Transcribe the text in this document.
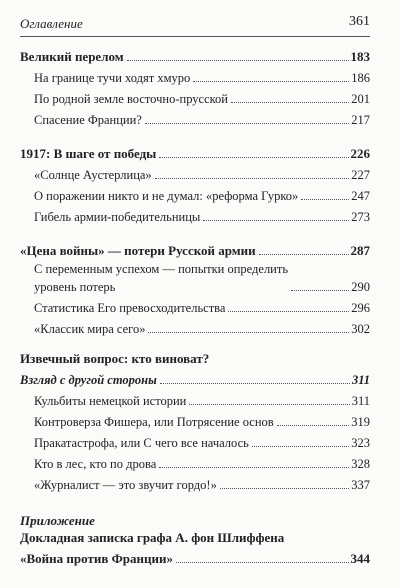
Оглавление	361
Великий перелом	183
На границе тучи ходят хмуро	186
По родной земле восточно-прусской	201
Спасение Франции?	217
1917: В шаге от победы	226
«Солнце Аустерлица»	227
О поражении никто и не думал: «реформа Гурко»	247
Гибель армии-победительницы	273
«Цена войны» — потери Русской армии	287
С переменным успехом — попытки определить
уровень потерь	290
Статистика Его превосходительства	296
«Классик мира сего»	302
Извечный вопрос: кто виноват?
Взгляд с другой стороны	311
Кульбиты немецкой истории	311
Контроверза Фишера, или Потрясение основ	319
Пракатастрофа, или С чего все началось	323
Кто в лес, кто по дрова	328
«Журналист — это звучит гордо!»	337
Приложение
Докладная записка графа А. фон Шлиффена
«Война против Франции»	344
